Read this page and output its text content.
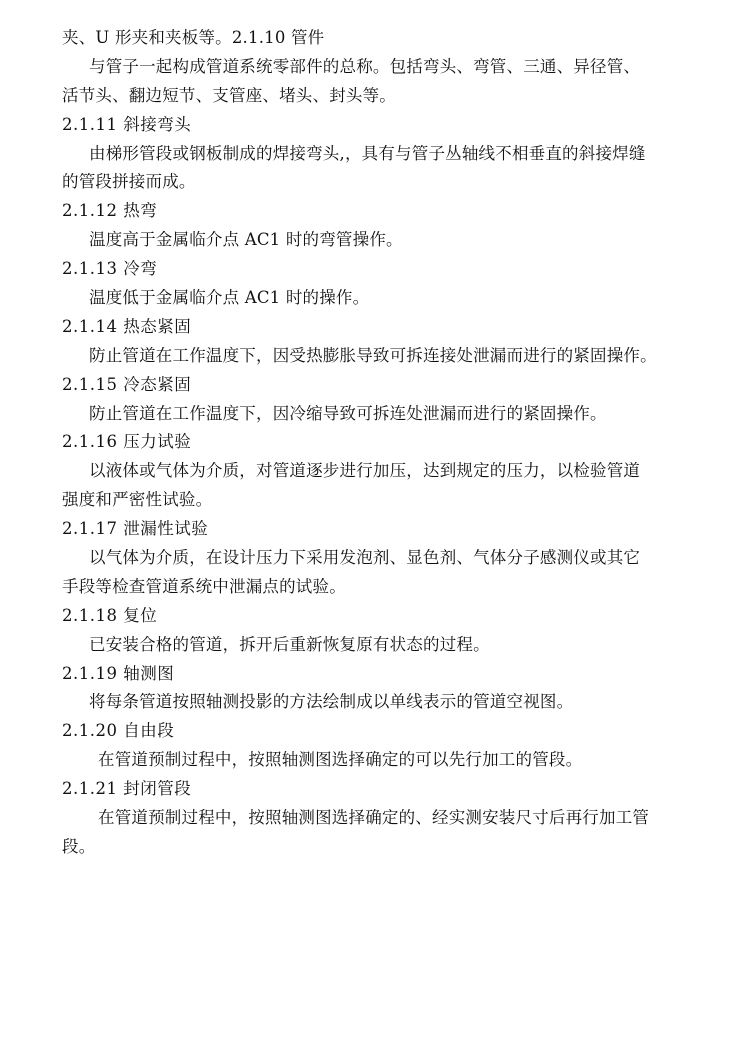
夹、U 形夹和夹板等。2.1.10 管件
与管子一起构成管道系统零部件的总称。包括弯头、弯管、三通、异径管、
活节头、翻边短节、支管座、堵头、封头等。
2.1.11 斜接弯头
由梯形管段或钢板制成的焊接弯头,，具有与管子丛轴线不相垂直的斜接焊缝
的管段拼接而成。
2.1.12 热弯
温度高于金属临介点 AC1 时的弯管操作。
2.1.13 冷弯
温度低于金属临介点 AC1 时的操作。
2.1.14 热态紧固
防止管道在工作温度下，因受热膨胀导致可拆连接处泄漏而进行的紧固操作。
2.1.15 冷态紧固
防止管道在工作温度下，因冷缩导致可拆连处泄漏而进行的紧固操作。
2.1.16 压力试验
以液体或气体为介质，对管道逐步进行加压，达到规定的压力，以检验管道
强度和严密性试验。
2.1.17 泄漏性试验
以气体为介质，在设计压力下采用发泡剂、显色剂、气体分子感测仪或其它
手段等检查管道系统中泄漏点的试验。
2.1.18 复位
已安装合格的管道，拆开后重新恢复原有状态的过程。
2.1.19 轴测图
将每条管道按照轴测投影的方法绘制成以单线表示的管道空视图。
2.1.20 自由段
在管道预制过程中，按照轴测图选择确定的可以先行加工的管段。
2.1.21 封闭管段
在管道预制过程中，按照轴测图选择确定的、经实测安装尺寸后再行加工管
段。
